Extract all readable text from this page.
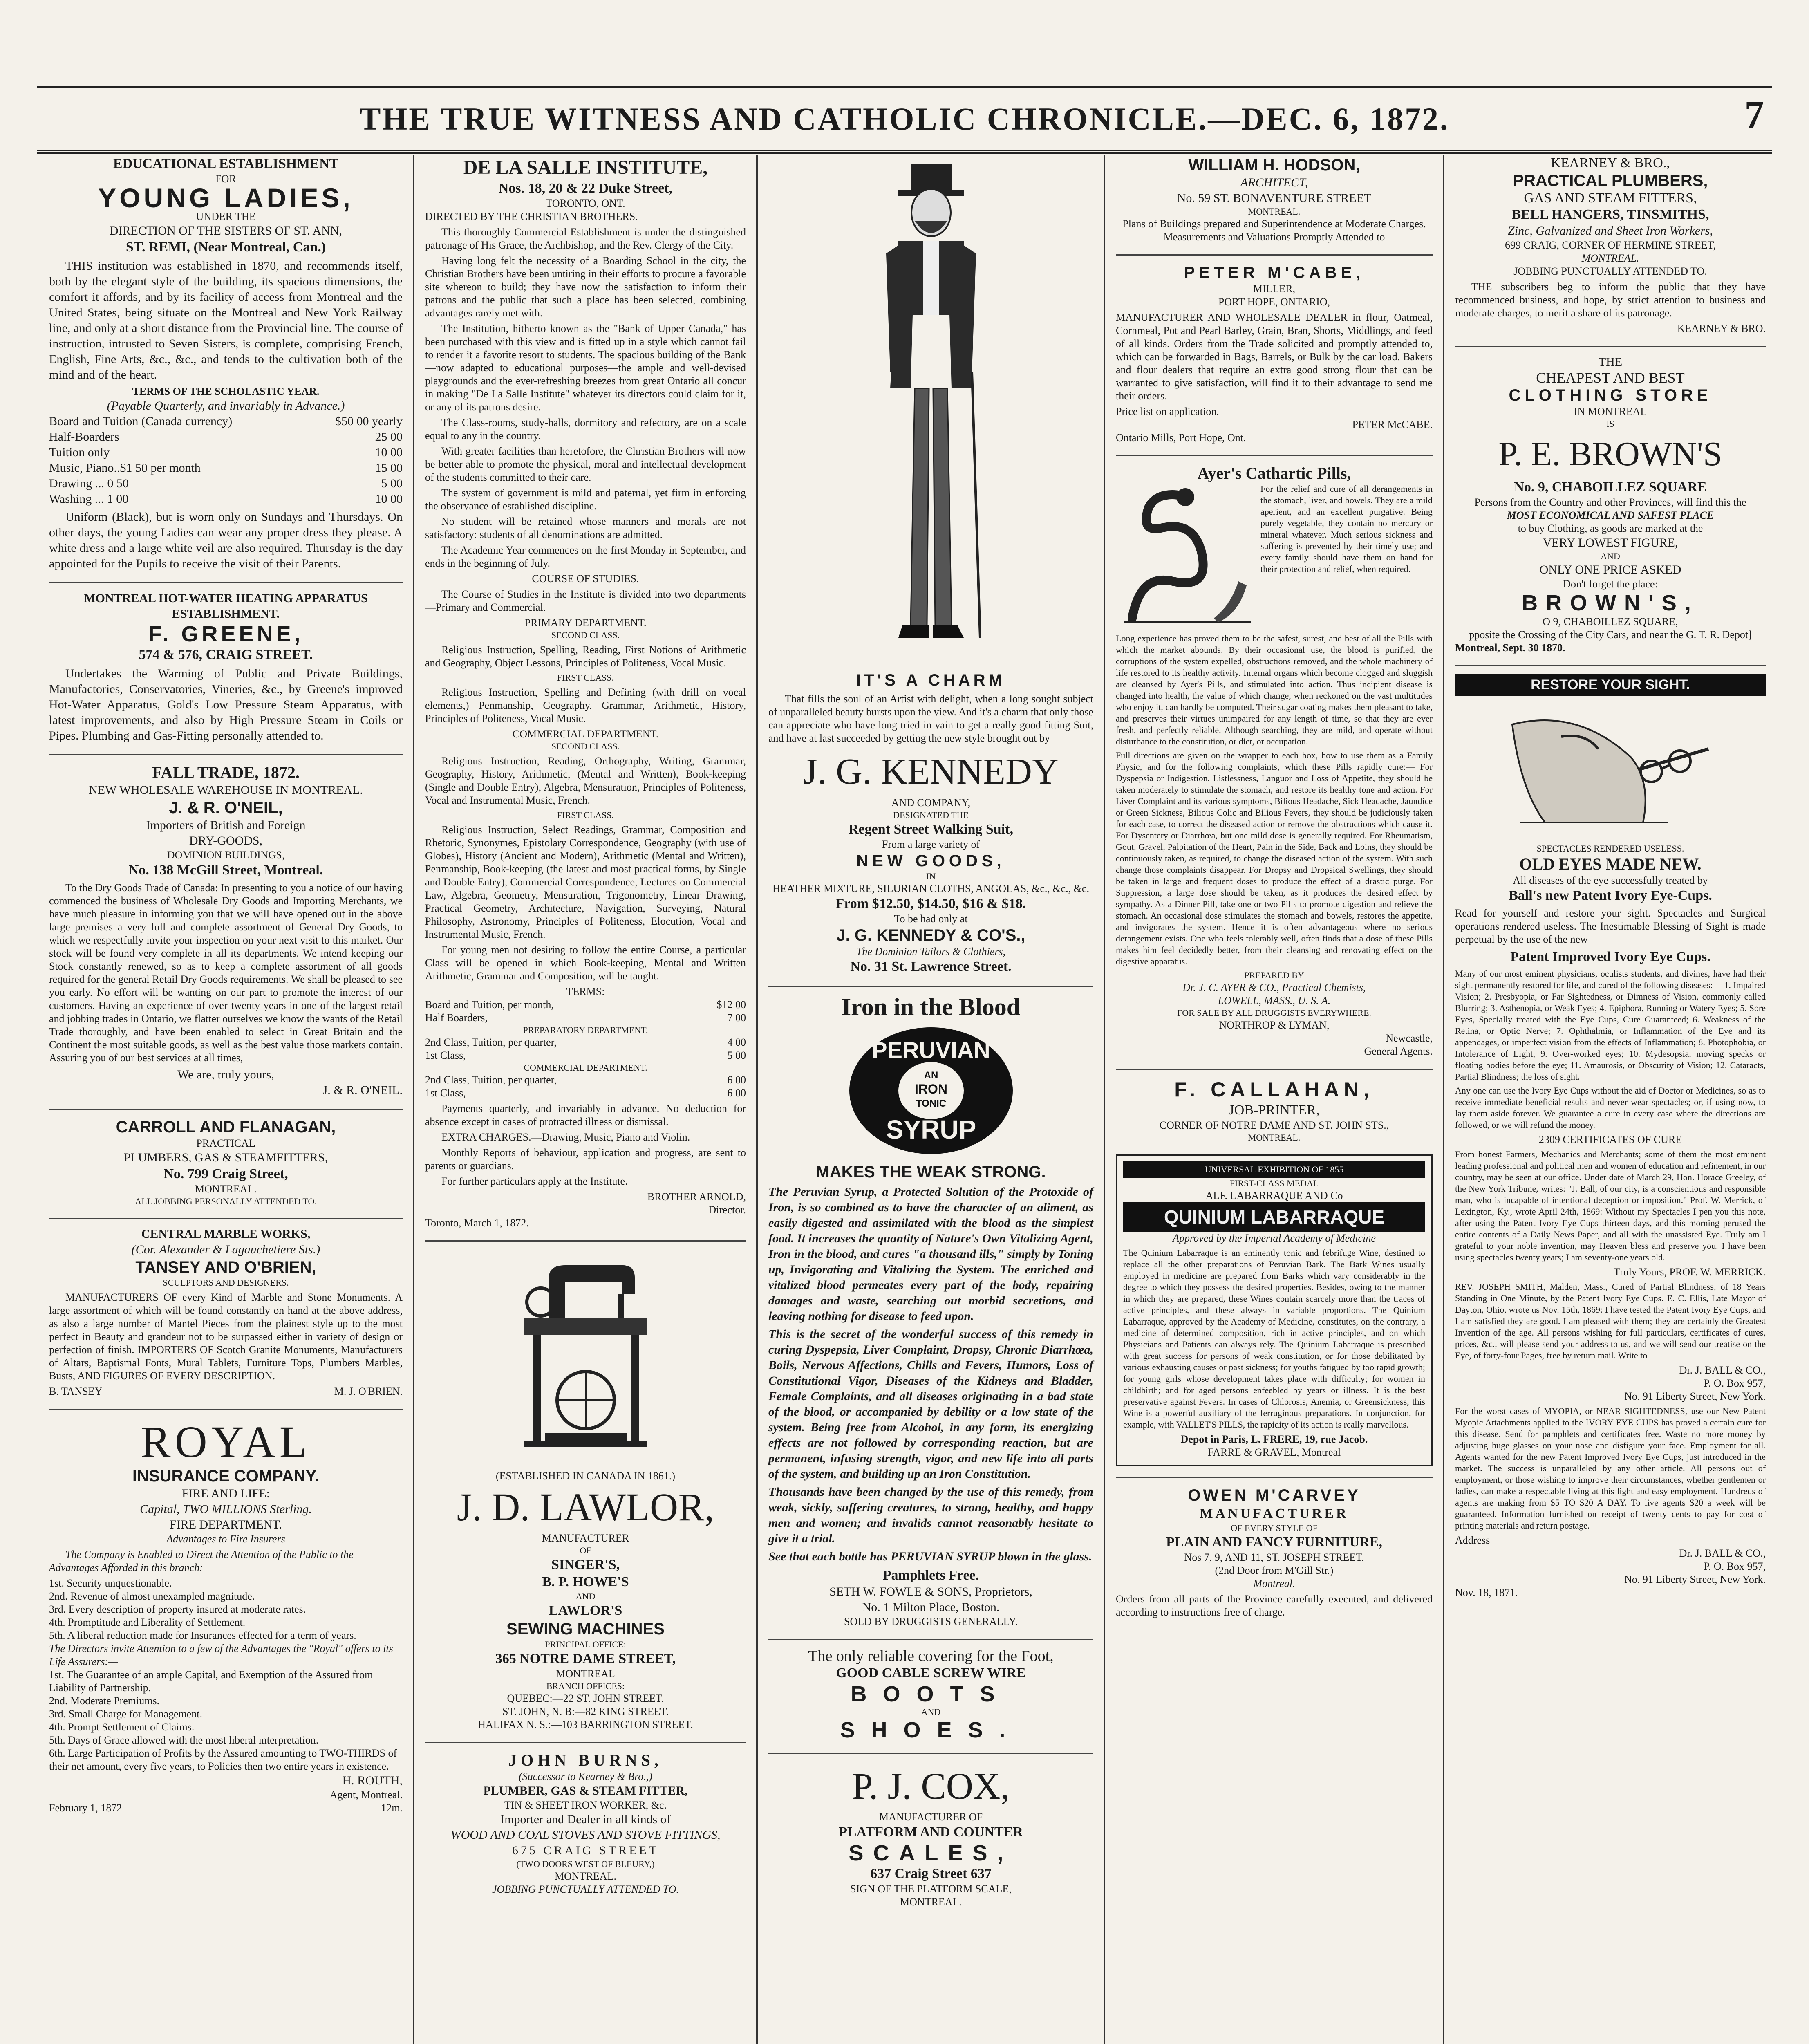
THE TRUE WITNESS AND CATHOLIC CHRONICLE.—DEC. 6, 1872.	7
EDUCATIONAL ESTABLISHMENT
FOR
YOUNG LADIES,
UNDER THE
DIRECTION OF THE SISTERS OF ST. ANN,
ST. REMI, (Near Montreal, Can.)

THIS institution was established in 1870, and recommends itself, both by the elegant style of the building, its spacious dimensions, the comfort it affords, and by its facility of access from Montreal and the United States, being situate on the Montreal and New York Railway line, and only at a short distance from the Provincial line. The course of instruction, intrusted to Seven Sisters, is complete, comprising French, English, Fine Arts, &c., &c., and tends to the cultivation both of the mind and of the heart.

TERMS OF THE SCHOLASTIC YEAR.
(Payable Quarterly, and invariably in Advance.)
Board and Tuition (Canada currency)	$50 00 yearly
Half-Boarders	25 00
Tuition only	10 00
Music, Piano..$1 50 per month	15 00
Drawing ... 0 50	5 00
Washing ... 1 00	10 00

Uniform (Black), but is worn only on Sundays and Thursdays. On other days, the young Ladies can wear any proper dress they please. A white dress and a large white veil are also required. Thursday is the day appointed for the Pupils to receive the visit of their Parents.

MONTREAL HOT-WATER HEATING APPARATUS ESTABLISHMENT.
F. GREENE,
574 & 576, CRAIG STREET.

Undertakes the Warming of Public and Private Buildings, Manufactories, Conservatories, Vineries, &c., by Greene's improved Hot-Water Apparatus, Gold's Low Pressure Steam Apparatus, with latest improvements, and also by High Pressure Steam in Coils or Pipes. Plumbing and Gas-Fitting personally attended to.

FALL TRADE, 1872.
NEW WHOLESALE WAREHOUSE IN MONTREAL.
J. & R. O'NEIL,
Importers of British and Foreign
DRY-GOODS,
DOMINION BUILDINGS,
No. 138 McGill Street, Montreal.

To the Dry Goods Trade of Canada: In presenting to you a notice of our having commenced the business of Wholesale Dry Goods and Importing Merchants, we have much pleasure in informing you that we will have opened out in the above large premises a very full and complete assortment of General Dry Goods, to which we respectfully invite your inspection on your next visit to this market. Our stock will be found very complete in all its departments. We intend keeping our Stock constantly renewed, so as to keep a complete assortment of all goods required for the general Retail Dry Goods requirements. We shall be pleased to see you early. No effort will be wanting on our part to promote the interest of our customers. Having an experience of over twenty years in one of the largest retail and jobbing trades in Ontario, we flatter ourselves we know the wants of the Retail Trade thoroughly, and have been enabled to select in Great Britain and the Continent the most suitable goods, as well as the best value those markets contain. Assuring you of our best services at all times,

We are, truly yours,
J. & R. O'NEIL.
CARROLL AND FLANAGAN,
PRACTICAL
PLUMBERS, GAS & STEAMFITTERS,
No. 799 Craig Street,
MONTREAL.
ALL JOBBING PERSONALLY ATTENDED TO.
CENTRAL MARBLE WORKS,
(Cor. Alexander & Lagauchetiere Sts.)
TANSEY AND O'BRIEN,
SCULPTORS AND DESIGNERS.

MANUFACTURERS OF every Kind of Marble and Stone Monuments. A large assortment of which will be found constantly on hand at the above address, as also a large number of Mantel Pieces from the plainest style up to the most perfect in Beauty and grandeur not to be surpassed either in variety of design or perfection of finish. IMPORTERS OF Scotch Granite Monuments, Manufacturers of Altars, Baptismal Fonts, Mural Tablets, Furniture Tops, Plumbers Marbles, Busts, AND FIGURES OF EVERY DESCRIPTION.

B. TANSEY	M. J. O'BRIEN.
ROYAL
INSURANCE COMPANY.
FIRE AND LIFE:
Capital, TWO MILLIONS Sterling.
FIRE DEPARTMENT.
Advantages to Fire Insurers

The Company is Enabled to Direct the Attention of the Public to the Advantages Afforded in this branch:

1st. Security unquestionable.
2nd. Revenue of almost unexampled magnitude.
3rd. Every description of property insured at moderate rates.
4th. Promptitude and Liberality of Settlement.
5th. A liberal reduction made for Insurances effected for a term of years.
The Directors invite Attention to a few of the Advantages the "Royal" offers to its Life Assurers:—
1st. The Guarantee of an ample Capital, and Exemption of the Assured from Liability of Partnership.
2nd. Moderate Premiums.
3rd. Small Charge for Management.
4th. Prompt Settlement of Claims.
5th. Days of Grace allowed with the most liberal interpretation.
6th. Large Participation of Profits by the Assured amounting to TWO-THIRDS of their net amount, every five years, to Policies then two entire years in existence.
H. ROUTH,
Agent, Montreal.
February 1, 1872	12m.
DE LA SALLE INSTITUTE,
Nos. 18, 20 & 22 Duke Street,
TORONTO, ONT.
DIRECTED BY THE CHRISTIAN BROTHERS.

This thoroughly Commercial Establishment is under the distinguished patronage of His Grace, the Archbishop, and the Rev. Clergy of the City.

Having long felt the necessity of a Boarding School in the city, the Christian Brothers have been untiring in their efforts to procure a favorable site whereon to build; they have now the satisfaction to inform their patrons and the public that such a place has been selected, combining advantages rarely met with.

The Institution, hitherto known as the "Bank of Upper Canada," has been purchased with this view and is fitted up in a style which cannot fail to render it a favorite resort to students. The spacious building of the Bank—now adapted to educational purposes—the ample and well-devised playgrounds and the ever-refreshing breezes from great Ontario all concur in making "De La Salle Institute" whatever its directors could claim for it, or any of its patrons desire.

The Class-rooms, study-halls, dormitory and refectory, are on a scale equal to any in the country.

With greater facilities than heretofore, the Christian Brothers will now be better able to promote the physical, moral and intellectual development of the students committed to their care.

The system of government is mild and paternal, yet firm in enforcing the observance of established discipline.

No student will be retained whose manners and morals are not satisfactory: students of all denominations are admitted.

The Academic Year commences on the first Monday in September, and ends in the beginning of July.

COURSE OF STUDIES.

The Course of Studies in the Institute is divided into two departments—Primary and Commercial.

PRIMARY DEPARTMENT.
SECOND CLASS.

Religious Instruction, Spelling, Reading, First Notions of Arithmetic and Geography, Object Lessons, Principles of Politeness, Vocal Music.

FIRST CLASS.

Religious Instruction, Spelling and Defining (with drill on vocal elements,) Penmanship, Geography, Grammar, Arithmetic, History, Principles of Politeness, Vocal Music.

COMMERCIAL DEPARTMENT.
SECOND CLASS.

Religious Instruction, Reading, Orthography, Writing, Grammar, Geography, History, Arithmetic, (Mental and Written), Book-keeping (Single and Double Entry), Algebra, Mensuration, Principles of Politeness, Vocal and Instrumental Music, French.

FIRST CLASS.

Religious Instruction, Select Readings, Grammar, Composition and Rhetoric, Synonymes, Epistolary Correspondence, Geography (with use of Globes), History (Ancient and Modern), Arithmetic (Mental and Written), Penmanship, Book-keeping (the latest and most practical forms, by Single and Double Entry), Commercial Correspondence, Lectures on Commercial Law, Algebra, Geometry, Mensuration, Trigonometry, Linear Drawing, Practical Geometry, Architecture, Navigation, Surveying, Natural Philosophy, Astronomy, Principles of Politeness, Elocution, Vocal and Instrumental Music, French.

For young men not desiring to follow the entire Course, a particular Class will be opened in which Book-keeping, Mental and Written Arithmetic, Grammar and Composition, will be taught.

TERMS:
Board and Tuition, per month,	$12 00
Half Boarders,	7 00
PREPARATORY DEPARTMENT.
2nd Class, Tuition, per quarter,	4 00
1st Class,	5 00
COMMERCIAL DEPARTMENT.
2nd Class, Tuition, per quarter,	6 00
1st Class,	6 00

Payments quarterly, and invariably in advance. No deduction for absence except in cases of protracted illness or dismissal.

EXTRA CHARGES.—Drawing, Music, Piano and Violin.

Monthly Reports of behaviour, application and progress, are sent to parents or guardians.

For further particulars apply at the Institute.

BROTHER ARNOLD,
Director.
Toronto, March 1, 1872.
(ESTABLISHED IN CANADA IN 1861.)
J. D. LAWLOR,
MANUFACTURER
OF
SINGER'S,
B. P. HOWE'S
AND
LAWLOR'S
SEWING MACHINES
PRINCIPAL OFFICE:
365 NOTRE DAME STREET,
MONTREAL
BRANCH OFFICES:
QUEBEC:—22 ST. JOHN STREET.
ST. JOHN, N. B:—82 KING STREET.
HALIFAX N. S.:—103 BARRINGTON STREET.
JOHN BURNS,
(Successor to Kearney & Bro.,)
PLUMBER, GAS & STEAM FITTER,
TIN & SHEET IRON WORKER, &c.
Importer and Dealer in all kinds of
WOOD AND COAL STOVES AND STOVE FITTINGS,
675 CRAIG STREET
(TWO DOORS WEST OF BLEURY,)
MONTREAL.
JOBBING PUNCTUALLY ATTENDED TO.
IT'S A CHARM

That fills the soul of an Artist with delight, when a long sought subject of unparalleled beauty bursts upon the view. And it's a charm that only those can appreciate who have long tried in vain to get a really good fitting Suit, and have at last succeeded by getting the new style brought out by

J. G. KENNEDY
AND COMPANY,
DESIGNATED THE
Regent Street Walking Suit,
From a large variety of
NEW GOODS,
IN
HEATHER MIXTURE, SILURIAN CLOTHS, ANGOLAS, &c., &c., &c.
From $12.50, $14.50, $16 & $18.
To be had only at
J. G. KENNEDY & CO'S.,
The Dominion Tailors & Clothiers,
No. 31 St. Lawrence Street.
Iron in the Blood
PERUVIAN
AN
IRON
TONIC
SYRUP
MAKES THE WEAK STRONG.

The Peruvian Syrup, a Protected Solution of the Protoxide of Iron, is so combined as to have the character of an aliment, as easily digested and assimilated with the blood as the simplest food. It increases the quantity of Nature's Own Vitalizing Agent, Iron in the blood, and cures "a thousand ills," simply by Toning up, Invigorating and Vitalizing the System. The enriched and vitalized blood permeates every part of the body, repairing damages and waste, searching out morbid secretions, and leaving nothing for disease to feed upon.

This is the secret of the wonderful success of this remedy in curing Dyspepsia, Liver Complaint, Dropsy, Chronic Diarrhœa, Boils, Nervous Affections, Chills and Fevers, Humors, Loss of Constitutional Vigor, Diseases of the Kidneys and Bladder, Female Complaints, and all diseases originating in a bad state of the blood, or accompanied by debility or a low state of the system. Being free from Alcohol, in any form, its energizing effects are not followed by corresponding reaction, but are permanent, infusing strength, vigor, and new life into all parts of the system, and building up an Iron Constitution.

Thousands have been changed by the use of this remedy, from weak, sickly, suffering creatures, to strong, healthy, and happy men and women; and invalids cannot reasonably hesitate to give it a trial.

See that each bottle has PERUVIAN SYRUP blown in the glass.

Pamphlets Free.
SETH W. FOWLE & SONS, Proprietors,
No. 1 Milton Place, Boston.
SOLD BY DRUGGISTS GENERALLY.
The only reliable covering for the Foot,
GOOD CABLE SCREW WIRE
BOOTS
AND
SHOES.
P. J. COX,
MANUFACTURER OF
PLATFORM AND COUNTER
SCALES,
637 Craig Street 637
SIGN OF THE PLATFORM SCALE,
MONTREAL.
WILLIAM H. HODSON,
ARCHITECT,
No. 59 ST. BONAVENTURE STREET
MONTREAL.
Plans of Buildings prepared and Superintendence at Moderate Charges.
Measurements and Valuations Promptly Attended to
PETER M'CABE,
MILLER,
PORT HOPE, ONTARIO,

MANUFACTURER AND WHOLESALE DEALER in flour, Oatmeal, Cornmeal, Pot and Pearl Barley, Grain, Bran, Shorts, Middlings, and feed of all kinds. Orders from the Trade solicited and promptly attended to, which can be forwarded in Bags, Barrels, or Bulk by the car load. Bakers and flour dealers that require an extra good strong flour that can be warranted to give satisfaction, will find it to their advantage to send me their orders.

Price list on application.
PETER McCABE.
Ontario Mills, Port Hope, Ont.
Ayer's Cathartic Pills,

For the relief and cure of all derangements in the stomach, liver, and bowels. They are a mild aperient, and an excellent purgative. Being purely vegetable, they contain no mercury or mineral whatever. Much serious sickness and suffering is prevented by their timely use; and every family should have them on hand for their protection and relief, when required.

Long experience has proved them to be the safest, surest, and best of all the Pills with which the market abounds. By their occasional use, the blood is purified, the corruptions of the system expelled, obstructions removed, and the whole machinery of life restored to its healthy activity. Internal organs which become clogged and sluggish are cleansed by Ayer's Pills, and stimulated into action. Thus incipient disease is changed into health, the value of which change, when reckoned on the vast multitudes who enjoy it, can hardly be computed. Their sugar coating makes them pleasant to take, and preserves their virtues unimpaired for any length of time, so that they are ever fresh, and perfectly reliable. Although searching, they are mild, and operate without disturbance to the constitution, or diet, or occupation.

Full directions are given on the wrapper to each box, how to use them as a Family Physic, and for the following complaints, which these Pills rapidly cure:— For Dyspepsia or Indigestion, Listlessness, Languor and Loss of Appetite, they should be taken moderately to stimulate the stomach, and restore its healthy tone and action. For Liver Complaint and its various symptoms, Bilious Headache, Sick Headache, Jaundice or Green Sickness, Bilious Colic and Bilious Fevers, they should be judiciously taken for each case, to correct the diseased action or remove the obstructions which cause it. For Dysentery or Diarrhœa, but one mild dose is generally required. For Rheumatism, Gout, Gravel, Palpitation of the Heart, Pain in the Side, Back and Loins, they should be continuously taken, as required, to change the diseased action of the system. With such change those complaints disappear. For Dropsy and Dropsical Swellings, they should be taken in large and frequent doses to produce the effect of a drastic purge. For Suppression, a large dose should be taken, as it produces the desired effect by sympathy. As a Dinner Pill, take one or two Pills to promote digestion and relieve the stomach. An occasional dose stimulates the stomach and bowels, restores the appetite, and invigorates the system. Hence it is often advantageous where no serious derangement exists. One who feels tolerably well, often finds that a dose of these Pills makes him feel decidedly better, from their cleansing and renovating effect on the digestive apparatus.

PREPARED BY
Dr. J. C. AYER & CO., Practical Chemists,
LOWELL, MASS., U. S. A.
FOR SALE BY ALL DRUGGISTS EVERYWHERE.
NORTHROP & LYMAN,
Newcastle,
General Agents.
F. CALLAHAN,
JOB-PRINTER,
CORNER OF NOTRE DAME AND ST. JOHN STS.,
MONTREAL.
UNIVERSAL EXHIBITION OF 1855
FIRST-CLASS MEDAL
ALF. LABARRAQUE AND Co
QUINIUM LABARRAQUE
Approved by the Imperial Academy of Medicine

The Quinium Labarraque is an eminently tonic and febrifuge Wine, destined to replace all the other preparations of Peruvian Bark. The Bark Wines usually employed in medicine are prepared from Barks which vary considerably in the degree to which they possess the desired properties. Besides, owing to the manner in which they are prepared, these Wines contain scarcely more than the traces of active principles, and these always in variable proportions. The Quinium Labarraque, approved by the Academy of Medicine, constitutes, on the contrary, a medicine of determined composition, rich in active principles, and on which Physicians and Patients can always rely. The Quinium Labarraque is prescribed with great success for persons of weak constitution, or for those debilitated by various exhausting causes or past sickness; for youths fatigued by too rapid growth; for young girls whose development takes place with difficulty; for women in childbirth; and for aged persons enfeebled by years or illness. It is the best preservative against Fevers. In cases of Chlorosis, Anemia, or Greensickness, this Wine is a powerful auxiliary of the ferruginous preparations. In conjunction, for example, with VALLET'S PILLS, the rapidity of its action is really marvellous.

Depot in Paris, L. FRERE, 19, rue Jacob.
FARRE & GRAVEL, Montreal
OWEN M'CARVEY
MANUFACTURER
OF EVERY STYLE OF
PLAIN AND FANCY FURNITURE,
Nos 7, 9, AND 11, ST. JOSEPH STREET,
(2nd Door from M'Gill Str.)
Montreal.

Orders from all parts of the Province carefully executed, and delivered according to instructions free of charge.

KEARNEY & BRO.,
PRACTICAL PLUMBERS,
GAS AND STEAM FITTERS,
BELL HANGERS, TINSMITHS,
Zinc, Galvanized and Sheet Iron Workers,
699 CRAIG, CORNER OF HERMINE STREET,
MONTREAL.
JOBBING PUNCTUALLY ATTENDED TO.

THE subscribers beg to inform the public that they have recommenced business, and hope, by strict attention to business and moderate charges, to merit a share of its patronage.

KEARNEY & BRO.
THE
CHEAPEST AND BEST
CLOTHING STORE
IN MONTREAL
IS
P. E. BROWN'S
No. 9, CHABOILLEZ SQUARE
Persons from the Country and other Provinces, will find this the
MOST ECONOMICAL AND SAFEST PLACE
to buy Clothing, as goods are marked at the
VERY LOWEST FIGURE,
AND
ONLY ONE PRICE ASKED
Don't forget the place:
BROWN'S,
O 9, CHABOILLEZ SQUARE,
pposite the Crossing of the City Cars, and near the G. T. R. Depot]
Montreal, Sept. 30 1870.
RESTORE YOUR SIGHT.
SPECTACLES RENDERED USELESS.
OLD EYES MADE NEW.
All diseases of the eye successfully treated by
Ball's new Patent Ivory Eye-Cups.

Read for yourself and restore your sight. Spectacles and Surgical operations rendered useless. The Inestimable Blessing of Sight is made perpetual by the use of the new

Patent Improved Ivory Eye Cups.

Many of our most eminent physicians, oculists students, and divines, have had their sight permanently restored for life, and cured of the following diseases:— 1. Impaired Vision; 2. Presbyopia, or Far Sightedness, or Dimness of Vision, commonly called Blurring; 3. Asthenopia, or Weak Eyes; 4. Epiphora, Running or Watery Eyes; 5. Sore Eyes, Specially treated with the Eye Cups, Cure Guaranteed; 6. Weakness of the Retina, or Optic Nerve; 7. Ophthalmia, or Inflammation of the Eye and its appendages, or imperfect vision from the effects of Inflammation; 8. Photophobia, or Intolerance of Light; 9. Over-worked eyes; 10. Mydesopsia, moving specks or floating bodies before the eye; 11. Amaurosis, or Obscurity of Vision; 12. Cataracts, Partial Blindness; the loss of sight.

Any one can use the Ivory Eye Cups without the aid of Doctor or Medicines, so as to receive immediate beneficial results and never wear spectacles; or, if using now, to lay them aside forever. We guarantee a cure in every case where the directions are followed, or we will refund the money.

2309 CERTIFICATES OF CURE

From honest Farmers, Mechanics and Merchants; some of them the most eminent leading professional and political men and women of education and refinement, in our country, may be seen at our office. Under date of March 29, Hon. Horace Greeley, of the New York Tribune, writes: "J. Ball, of our city, is a conscientious and responsible man, who is incapable of intentional deception or imposition." Prof. W. Merrick, of Lexington, Ky., wrote April 24th, 1869: Without my Spectacles I pen you this note, after using the Patent Ivory Eye Cups thirteen days, and this morning perused the entire contents of a Daily News Paper, and all with the unassisted Eye. Truly am I grateful to your noble invention, may Heaven bless and preserve you. I have been using spectacles twenty years; I am seventy-one years old.

Truly Yours, PROF. W. MERRICK.

REV. JOSEPH SMITH, Malden, Mass., Cured of Partial Blindness, of 18 Years Standing in One Minute, by the Patent Ivory Eye Cups. E. C. Ellis, Late Mayor of Dayton, Ohio, wrote us Nov. 15th, 1869: I have tested the Patent Ivory Eye Cups, and I am satisfied they are good. I am pleased with them; they are certainly the Greatest Invention of the age. All persons wishing for full particulars, certificates of cures, prices, &c., will please send your address to us, and we will send our treatise on the Eye, of forty-four Pages, free by return mail. Write to

Dr. J. BALL & CO.,
P. O. Box 957,
No. 91 Liberty Street, New York.

For the worst cases of MYOPIA, or NEAR SIGHTEDNESS, use our New Patent Myopic Attachments applied to the IVORY EYE CUPS has proved a certain cure for this disease. Send for pamphlets and certificates free. Waste no more money by adjusting huge glasses on your nose and disfigure your face. Employment for all. Agents wanted for the new Patent Improved Ivory Eye Cups, just introduced in the market. The success is unparalleled by any other article. All persons out of employment, or those wishing to improve their circumstances, whether gentlemen or ladies, can make a respectable living at this light and easy employment. Hundreds of agents are making from $5 TO $20 A DAY. To live agents $20 a week will be guaranteed. Information furnished on receipt of twenty cents to pay for cost of printing materials and return postage.

Address
Dr. J. BALL & CO.,
P. O. Box 957,
No. 91 Liberty Street, New York.
Nov. 18, 1871.
